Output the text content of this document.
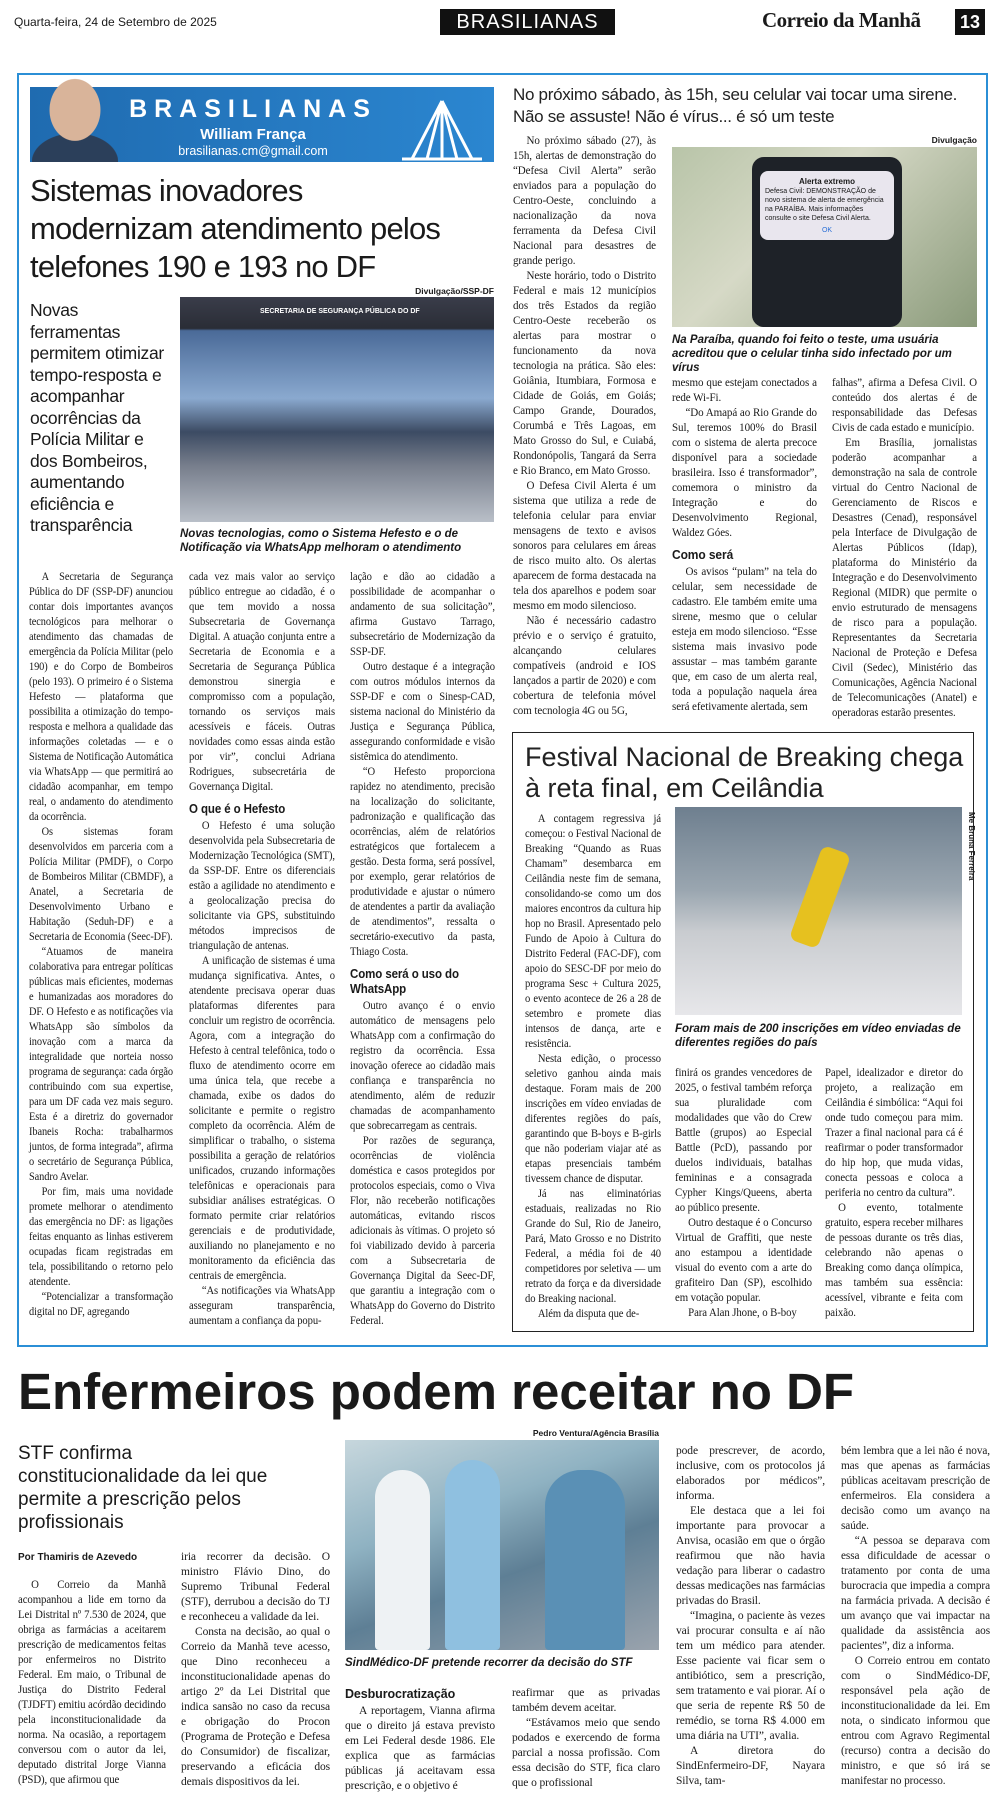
Quarta-feira, 24 de Setembro de 2025	BRASILIANAS	Correio da Manhã 13
BRASILIANAS
William França
brasilianas.cm@gmail.com
Sistemas inovadores modernizam atendimento pelos telefones 190 e 193 no DF
Novas ferramentas permitem otimizar tempo-resposta e acompanhar ocorrências da Polícia Militar e dos Bombeiros, aumentando eficiência e transparência
Divulgação/SSP-DF
SECRETARIA DE SEGURANÇA PÚBLICA DO DF
Novas tecnologias, como o Sistema Hefesto e o de Notificação via WhatsApp melhoram o atendimento

A Secretaria de Segurança Pública do DF (SSP-DF) anunciou contar dois importantes avanços tecnológicos para melhorar o atendimento das chamadas de emergência da Polícia Militar (pelo 190) e do Corpo de Bombeiros (pelo 193). O primeiro é o Sistema Hefesto — plataforma que possibilita a otimização do tempo-resposta e melhora a qualidade das informações coletadas — e o Sistema de Notificação Automática via WhatsApp — que permitirá ao cidadão acompanhar, em tempo real, o andamento do atendimento da ocorrência.

Os sistemas foram desenvolvidos em parceria com a Polícia Militar (PMDF), o Corpo de Bombeiros Militar (CBMDF), a Anatel, a Secretaria de Desenvolvimento Urbano e Habitação (Seduh-DF) e a Secretaria de Economia (Seec-DF).

“Atuamos de maneira colaborativa para entregar políticas públicas mais eficientes, modernas e humanizadas aos moradores do DF. O Hefesto e as notificações via WhatsApp são símbolos da inovação com a marca da integralidade que norteia nosso programa de segurança: cada órgão contribuindo com sua expertise, para um DF cada vez mais seguro. Esta é a diretriz do governador Ibaneis Rocha: trabalharmos juntos, de forma integrada”, afirma o secretário de Segurança Pública, Sandro Avelar.

Por fim, mais uma novidade promete melhorar o atendimento das emergência no DF: as ligações feitas enquanto as linhas estiverem ocupadas ficam registradas em tela, possibilitando o retorno pelo atendente.

“Potencializar a transformação digital no DF, agregando

cada vez mais valor ao serviço público entregue ao cidadão, é o que tem movido a nossa Subsecretaria de Governança Digital. A atuação conjunta entre a Secretaria de Economia e a Secretaria de Segurança Pública demonstrou sinergia e compromisso com a população, tornando os serviços mais acessíveis e fáceis. Outras novidades como essas ainda estão por vir”, conclui Adriana Rodrigues, subsecretária de Governança Digital.

O que é o Hefesto

O Hefesto é uma solução desenvolvida pela Subsecretaria de Modernização Tecnológica (SMT), da SSP-DF. Entre os diferenciais estão a agilidade no atendimento e a geolocalização precisa do solicitante via GPS, substituindo métodos imprecisos de triangulação de antenas.

A unificação de sistemas é uma mudança significativa. Antes, o atendente precisava operar duas plataformas diferentes para concluir um registro de ocorrência. Agora, com a integração do Hefesto à central telefônica, todo o fluxo de atendimento ocorre em uma única tela, que recebe a chamada, exibe os dados do solicitante e permite o registro completo da ocorrência. Além de simplificar o trabalho, o sistema possibilita a geração de relatórios unificados, cruzando informações telefônicas e operacionais para subsidiar análises estratégicas. O formato permite criar relatórios gerenciais e de produtividade, auxiliando no planejamento e no monitoramento da eficiência das centrais de emergência.

“As notificações via WhatsApp asseguram transparência, aumentam a confiança da popu-

lação e dão ao cidadão a possibilidade de acompanhar o andamento de sua solicitação”, afirma Gustavo Tarrago, subsecretário de Modernização da SSP-DF.

Outro destaque é a integração com outros módulos internos da SSP-DF e com o Sinesp-CAD, sistema nacional do Ministério da Justiça e Segurança Pública, assegurando conformidade e visão sistêmica do atendimento.

“O Hefesto proporciona rapidez no atendimento, precisão na localização do solicitante, padronização e qualificação das ocorrências, além de relatórios estratégicos que fortalecem a gestão. Desta forma, será possível, por exemplo, gerar relatórios de produtividade e ajustar o número de atendentes a partir da avaliação de atendimentos”, ressalta o secretário-executivo da pasta, Thiago Costa.

Como será o uso do WhatsApp

Outro avanço é o envio automático de mensagens pelo WhatsApp com a confirmação do registro da ocorrência. Essa inovação oferece ao cidadão mais confiança e transparência no atendimento, além de reduzir chamadas de acompanhamento que sobrecarregam as centrais.

Por razões de segurança, ocorrências de violência doméstica e casos protegidos por protocolos especiais, como o Viva Flor, não receberão notificações automáticas, evitando riscos adicionais às vítimas. O projeto só foi viabilizado devido à parceria com a Subsecretaria de Governança Digital da Seec-DF, que garantiu a integração com o WhatsApp do Governo do Distrito Federal.

No próximo sábado, às 15h, seu celular vai tocar uma sirene. Não se assuste! Não é vírus... é só um teste

No próximo sábado (27), às 15h, alertas de demonstração do “Defesa Civil Alerta” serão enviados para a população do Centro-Oeste, concluindo a nacionalização da nova ferramenta da Defesa Civil Nacional para desastres de grande perigo.

Neste horário, todo o Distrito Federal e mais 12 municípios dos três Estados da região Centro-Oeste receberão os alertas para mostrar o funcionamento da nova tecnologia na prática. São eles: Goiânia, Itumbiara, Formosa e Cidade de Goiás, em Goiás; Campo Grande, Dourados, Corumbá e Três Lagoas, em Mato Grosso do Sul, e Cuiabá, Rondonópolis, Tangará da Serra e Rio Branco, em Mato Grosso.

O Defesa Civil Alerta é um sistema que utiliza a rede de telefonia celular para enviar mensagens de texto e avisos sonoros para celulares em áreas de risco muito alto. Os alertas aparecem de forma destacada na tela dos aparelhos e podem soar mesmo em modo silencioso.

Não é necessário cadastro prévio e o serviço é gratuito, alcançando celulares compatíveis (android e IOS lançados a partir de 2020) e com cobertura de telefonia móvel com tecnologia 4G ou 5G,

Divulgação
Alerta extremo
Defesa Civil: DEMONSTRAÇÃO de novo sistema de alerta de emergência na PARAÍBA. Mais informações consulte o site Defesa Civil Alerta.
OK
Na Paraíba, quando foi feito o teste, uma usuária acreditou que o celular tinha sido infectado por um vírus

mesmo que estejam conectados a rede Wi-Fi.

“Do Amapá ao Rio Grande do Sul, teremos 100% do Brasil com o sistema de alerta precoce disponível para a sociedade brasileira. Isso é transformador”, comemora o ministro da Integração e do Desenvolvimento Regional, Waldez Góes.

Como será

Os avisos “pulam” na tela do celular, sem necessidade de cadastro. Ele também emite uma sirene, mesmo que o celular esteja em modo silencioso. “Esse sistema mais invasivo pode assustar – mas também garante que, em caso de um alerta real, toda a população naquela área será efetivamente alertada, sem

falhas”, afirma a Defesa Civil. O conteúdo dos alertas é de responsabilidade das Defesas Civis de cada estado e município.

Em Brasília, jornalistas poderão acompanhar a demonstração na sala de controle virtual do Centro Nacional de Gerenciamento de Riscos e Desastres (Cenad), responsável pela Interface de Divulgação de Alertas Públicos (Idap), plataforma do Ministério da Integração e do Desenvolvimento Regional (MIDR) que permite o envio estruturado de mensagens de risco para a população. Representantes da Secretaria Nacional de Proteção e Defesa Civil (Sedec), Ministério das Comunicações, Agência Nacional de Telecomunicações (Anatel) e operadoras estarão presentes.

Festival Nacional de Breaking chega à reta final, em Ceilândia

A contagem regressiva já começou: o Festival Nacional de Breaking “Quando as Ruas Chamam” desembarca em Ceilândia neste fim de semana, consolidando-se como um dos maiores encontros da cultura hip hop no Brasil. Apresentado pelo Fundo de Apoio à Cultura do Distrito Federal (FAC-DF), com apoio do SESC-DF por meio do programa Sesc + Cultura 2025, o evento acontece de 26 a 28 de setembro e promete dias intensos de dança, arte e resistência.

Nesta edição, o processo seletivo ganhou ainda mais destaque. Foram mais de 200 inscrições em vídeo enviadas de diferentes regiões do país, garantindo que B-boys e B-girls que não poderiam viajar até as etapas presenciais também tivessem chance de disputar.

Já nas eliminatórias estaduais, realizadas no Rio Grande do Sul, Rio de Janeiro, Pará, Mato Grosso e no Distrito Federal, a média foi de 40 competidores por seletiva — um retrato da força e da diversidade do Breaking nacional.

Além da disputa que de-

Me Bruna Ferreira
Foram mais de 200 inscrições em vídeo enviadas de diferentes regiões do país

finirá os grandes vencedores de 2025, o festival também reforça sua pluralidade com modalidades que vão do Crew Battle (grupos) ao Especial Battle (PcD), passando por duelos individuais, batalhas femininas e a consagrada Cypher Kings/Queens, aberta ao público presente.

Outro destaque é o Concurso Virtual de Graffiti, que neste ano estampou a identidade visual do evento com a arte do grafiteiro Dan (SP), escolhido em votação popular.

Para Alan Jhone, o B-boy

Papel, idealizador e diretor do projeto, a realização em Ceilândia é simbólica: “Aqui foi onde tudo começou para mim. Trazer a final nacional para cá é reafirmar o poder transformador do hip hop, que muda vidas, conecta pessoas e coloca a periferia no centro da cultura”.

O evento, totalmente gratuito, espera receber milhares de pessoas durante os três dias, celebrando não apenas o Breaking como dança olímpica, mas também sua essência: acessível, vibrante e feita com paixão.

Enfermeiros podem receitar no DF
STF confirma constitucionalidade da lei que permite a prescrição pelos profissionais
Por Thamiris de Azevedo
Pedro Ventura/Agência Brasília
SindMédico-DF pretende recorrer da decisão do STF

O Correio da Manhã acompanhou a lide em torno da Lei Distrital nº 7.530 de 2024, que obriga as farmácias a aceitarem prescrição de medicamentos feitas por enfermeiros no Distrito Federal. Em maio, o Tribunal de Justiça do Distrito Federal (TJDFT) emitiu acórdão decidindo pela inconstitucionalidade da norma. Na ocasião, a reportagem conversou com o autor da lei, deputado distrital Jorge Vianna (PSD), que afirmou que

iria recorrer da decisão. O ministro Flávio Dino, do Supremo Tribunal Federal (STF), derrubou a decisão do TJ e reconheceu a validade da lei.

Consta na decisão, ao qual o Correio da Manhã teve acesso, que Dino reconheceu a inconstitucionalidade apenas do artigo 2º da Lei Distrital que indica sansão no caso da recusa e obrigação do Procon (Programa de Proteção e Defesa do Consumidor) de fiscalizar, preservando a eficácia dos demais dispositivos da lei.

Desburocratização

A reportagem, Vianna afirma que o direito já estava previsto em Lei Federal desde 1986. Ele explica que as farmácias públicas já aceitavam essa prescrição, e o objetivo é

reafirmar que as privadas também devem aceitar.

“Estávamos meio que sendo podados e exercendo de forma parcial a nossa profissão. Com essa decisão do STF, fica claro que o profissional

pode prescrever, de acordo, inclusive, com os protocolos já elaborados por médicos”, informa.

Ele destaca que a lei foi importante para provocar a Anvisa, ocasião em que o órgão reafirmou que não havia vedação para liberar o cadastro dessas medicações nas farmácias privadas do Brasil.

“Imagina, o paciente às vezes vai procurar consulta e aí não tem um médico para atender. Esse paciente vai ficar sem o antibiótico, sem a prescrição, sem tratamento e vai piorar. Aí o que seria de repente R$ 50 de remédio, se torna R$ 4.000 em uma diária na UTI”, avalia.

A diretora do SindEnfermeiro-DF, Nayara Silva, tam-

bém lembra que a lei não é nova, mas que apenas as farmácias públicas aceitavam prescrição de enfermeiros. Ela considera a decisão como um avanço na saúde.

“A pessoa se deparava com essa dificuldade de acessar o tratamento por conta de uma burocracia que impedia a compra na farmácia privada. A decisão é um avanço que vai impactar na qualidade da assistência aos pacientes”, diz a informa.

O Correio entrou em contato com o SindMédico-DF, responsável pela ação de inconstitucionalidade da lei. Em nota, o sindicato informou que entrou com Agravo Regimental (recurso) contra a decisão do ministro, e que só irá se manifestar no processo.
